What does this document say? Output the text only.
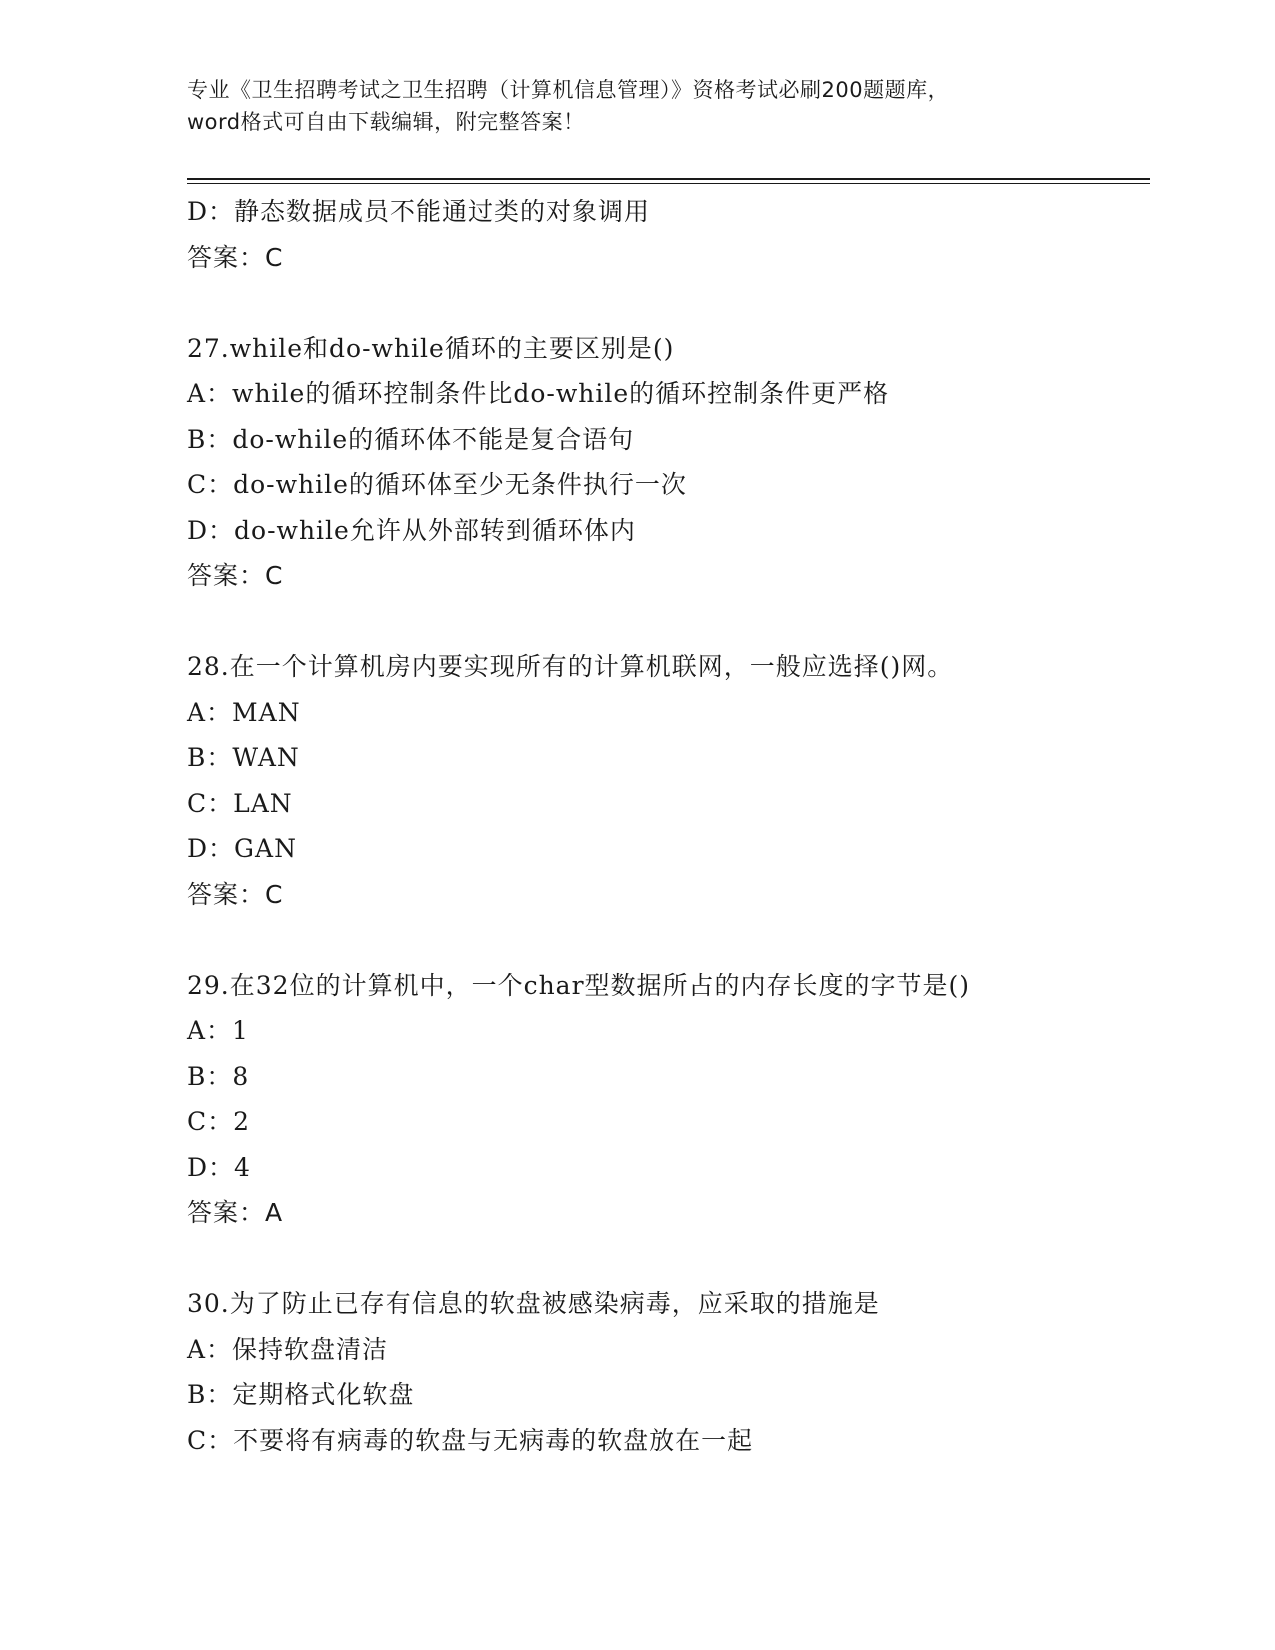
专业《卫生招聘考试之卫生招聘（计算机信息管理）》资格考试必刷200题题库，
word格式可自由下载编辑，附完整答案！
D：静态数据成员不能通过类的对象调用
答案：C
27.while和do-while循环的主要区别是()
A：while的循环控制条件比do-while的循环控制条件更严格
B：do-while的循环体不能是复合语句
C：do-while的循环体至少无条件执行一次
D：do-while允许从外部转到循环体内
答案：C
28.在一个计算机房内要实现所有的计算机联网，一般应选择()网。
A：MAN
B：WAN
C：LAN
D：GAN
答案：C
29.在32位的计算机中，一个char型数据所占的内存长度的字节是()
A：1
B：8
C：2
D：4
答案：A
30.为了防止已存有信息的软盘被感染病毒，应采取的措施是
A：保持软盘清洁
B：定期格式化软盘
C：不要将有病毒的软盘与无病毒的软盘放在一起
